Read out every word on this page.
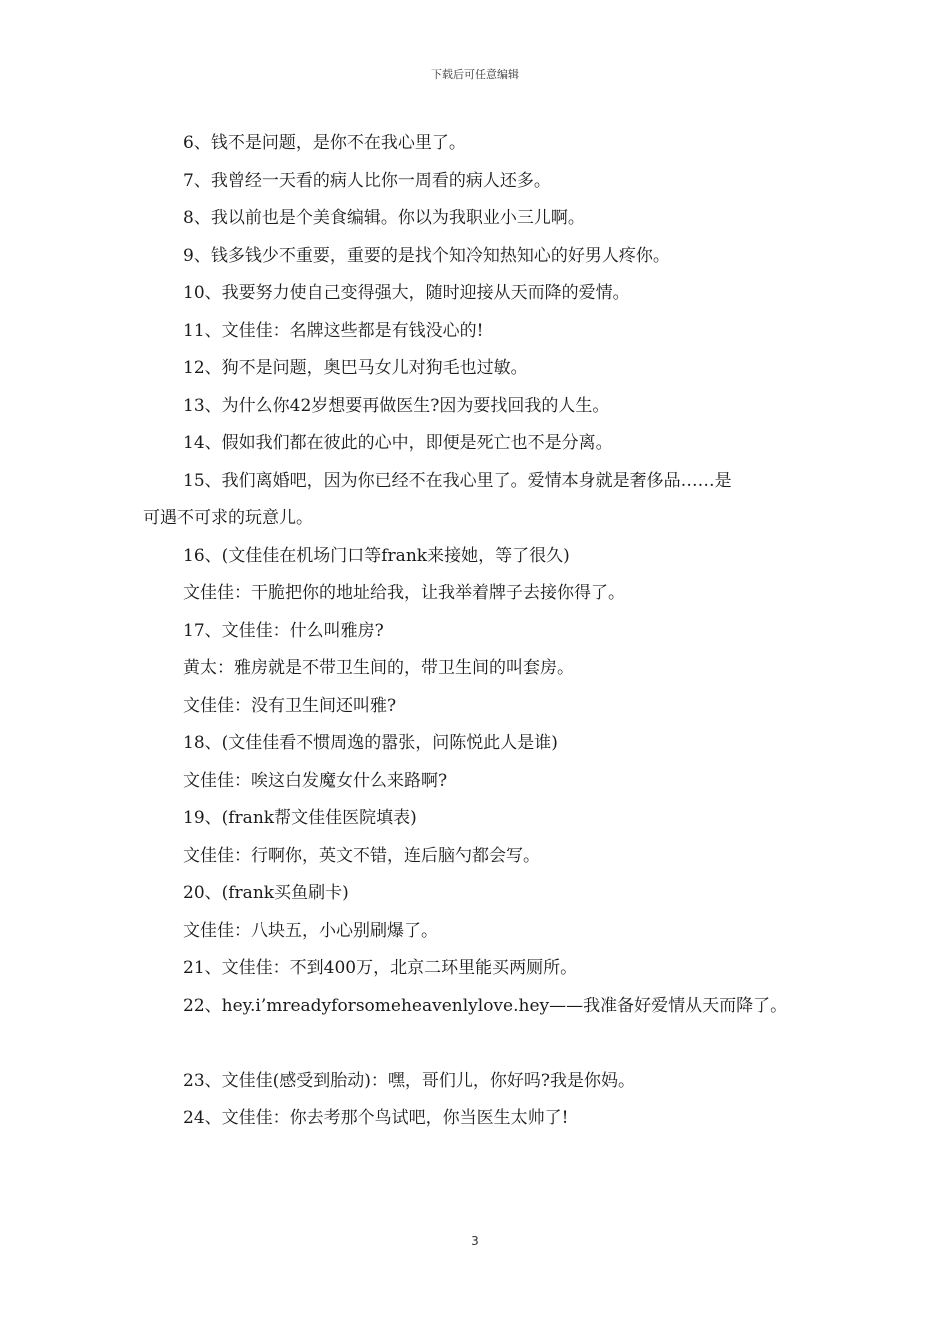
下载后可任意编辑
6、钱不是问题，是你不在我心里了。
7、我曾经一天看的病人比你一周看的病人还多。
8、我以前也是个美食编辑。你以为我职业小三儿啊。
9、钱多钱少不重要，重要的是找个知冷知热知心的好男人疼你。
10、我要努力使自己变得强大，随时迎接从天而降的爱情。
11、文佳佳：名牌这些都是有钱没心的!
12、狗不是问题，奥巴马女儿对狗毛也过敏。
13、为什么你42岁想要再做医生?因为要找回我的人生。
14、假如我们都在彼此的心中，即便是死亡也不是分离。
15、我们离婚吧，因为你已经不在我心里了。爱情本身就是奢侈品……是
可遇不可求的玩意儿。
16、(文佳佳在机场门口等frank来接她，等了很久)
文佳佳：干脆把你的地址给我，让我举着牌子去接你得了。
17、文佳佳：什么叫雅房?
黄太：雅房就是不带卫生间的，带卫生间的叫套房。
文佳佳：没有卫生间还叫雅?
18、(文佳佳看不惯周逸的嚣张，问陈悦此人是谁)
文佳佳：唉这白发魔女什么来路啊?
19、(frank帮文佳佳医院填表)
文佳佳：行啊你，英文不错，连后脑勺都会写。
20、(frank买鱼刷卡)
文佳佳：八块五，小心别刷爆了。
21、文佳佳：不到400万，北京二环里能买两厕所。
22、hey.i’mreadyforsomeheavenlylove.hey——我准备好爱情从天而降了。
23、文佳佳(感受到胎动)：嘿，哥们儿，你好吗?我是你妈。
24、文佳佳：你去考那个鸟试吧，你当医生太帅了!
3
